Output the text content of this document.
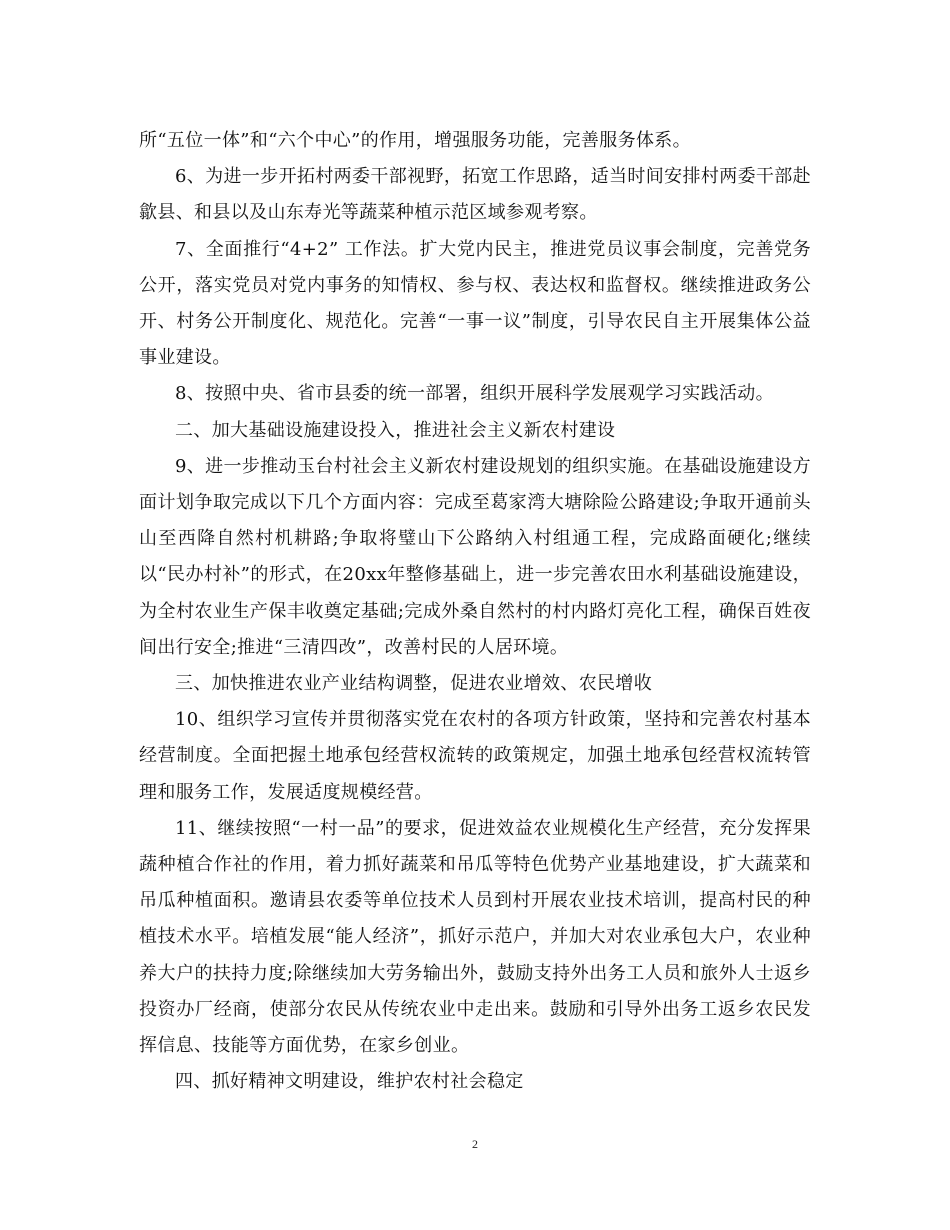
所“五位一体”和“六个中心”的作用，增强服务功能，完善服务体系。

6、为进一步开拓村两委干部视野，拓宽工作思路，适当时间安排村两委干部赴歙县、和县以及山东寿光等蔬菜种植示范区域参观考察。

7、全面推行“4+2” 工作法。扩大党内民主，推进党员议事会制度，完善党务公开，落实党员对党内事务的知情权、参与权、表达权和监督权。继续推进政务公开、村务公开制度化、规范化。完善“一事一议”制度，引导农民自主开展集体公益事业建设。

8、按照中央、省市县委的统一部署，组织开展科学发展观学习实践活动。

二、加大基础设施建设投入，推进社会主义新农村建设

9、进一步推动玉台村社会主义新农村建设规划的组织实施。在基础设施建设方面计划争取完成以下几个方面内容：完成至葛家湾大塘除险公路建设;争取开通前头山至西降自然村机耕路;争取将璧山下公路纳入村组通工程，完成路面硬化;继续以“民办村补”的形式，在20xx年整修基础上，进一步完善农田水利基础设施建设，为全村农业生产保丰收奠定基础;完成外桑自然村的村内路灯亮化工程，确保百姓夜间出行安全;推进“三清四改”，改善村民的人居环境。

三、加快推进农业产业结构调整，促进农业增效、农民增收

10、组织学习宣传并贯彻落实党在农村的各项方针政策，坚持和完善农村基本经营制度。全面把握土地承包经营权流转的政策规定，加强土地承包经营权流转管理和服务工作，发展适度规模经营。

11、继续按照“一村一品”的要求，促进效益农业规模化生产经营，充分发挥果蔬种植合作社的作用，着力抓好蔬菜和吊瓜等特色优势产业基地建设，扩大蔬菜和吊瓜种植面积。邀请县农委等单位技术人员到村开展农业技术培训，提高村民的种植技术水平。培植发展“能人经济”，抓好示范户，并加大对农业承包大户，农业种养大户的扶持力度;除继续加大劳务输出外，鼓励支持外出务工人员和旅外人士返乡投资办厂经商，使部分农民从传统农业中走出来。鼓励和引导外出务工返乡农民发挥信息、技能等方面优势，在家乡创业。

四、抓好精神文明建设，维护农村社会稳定

2
